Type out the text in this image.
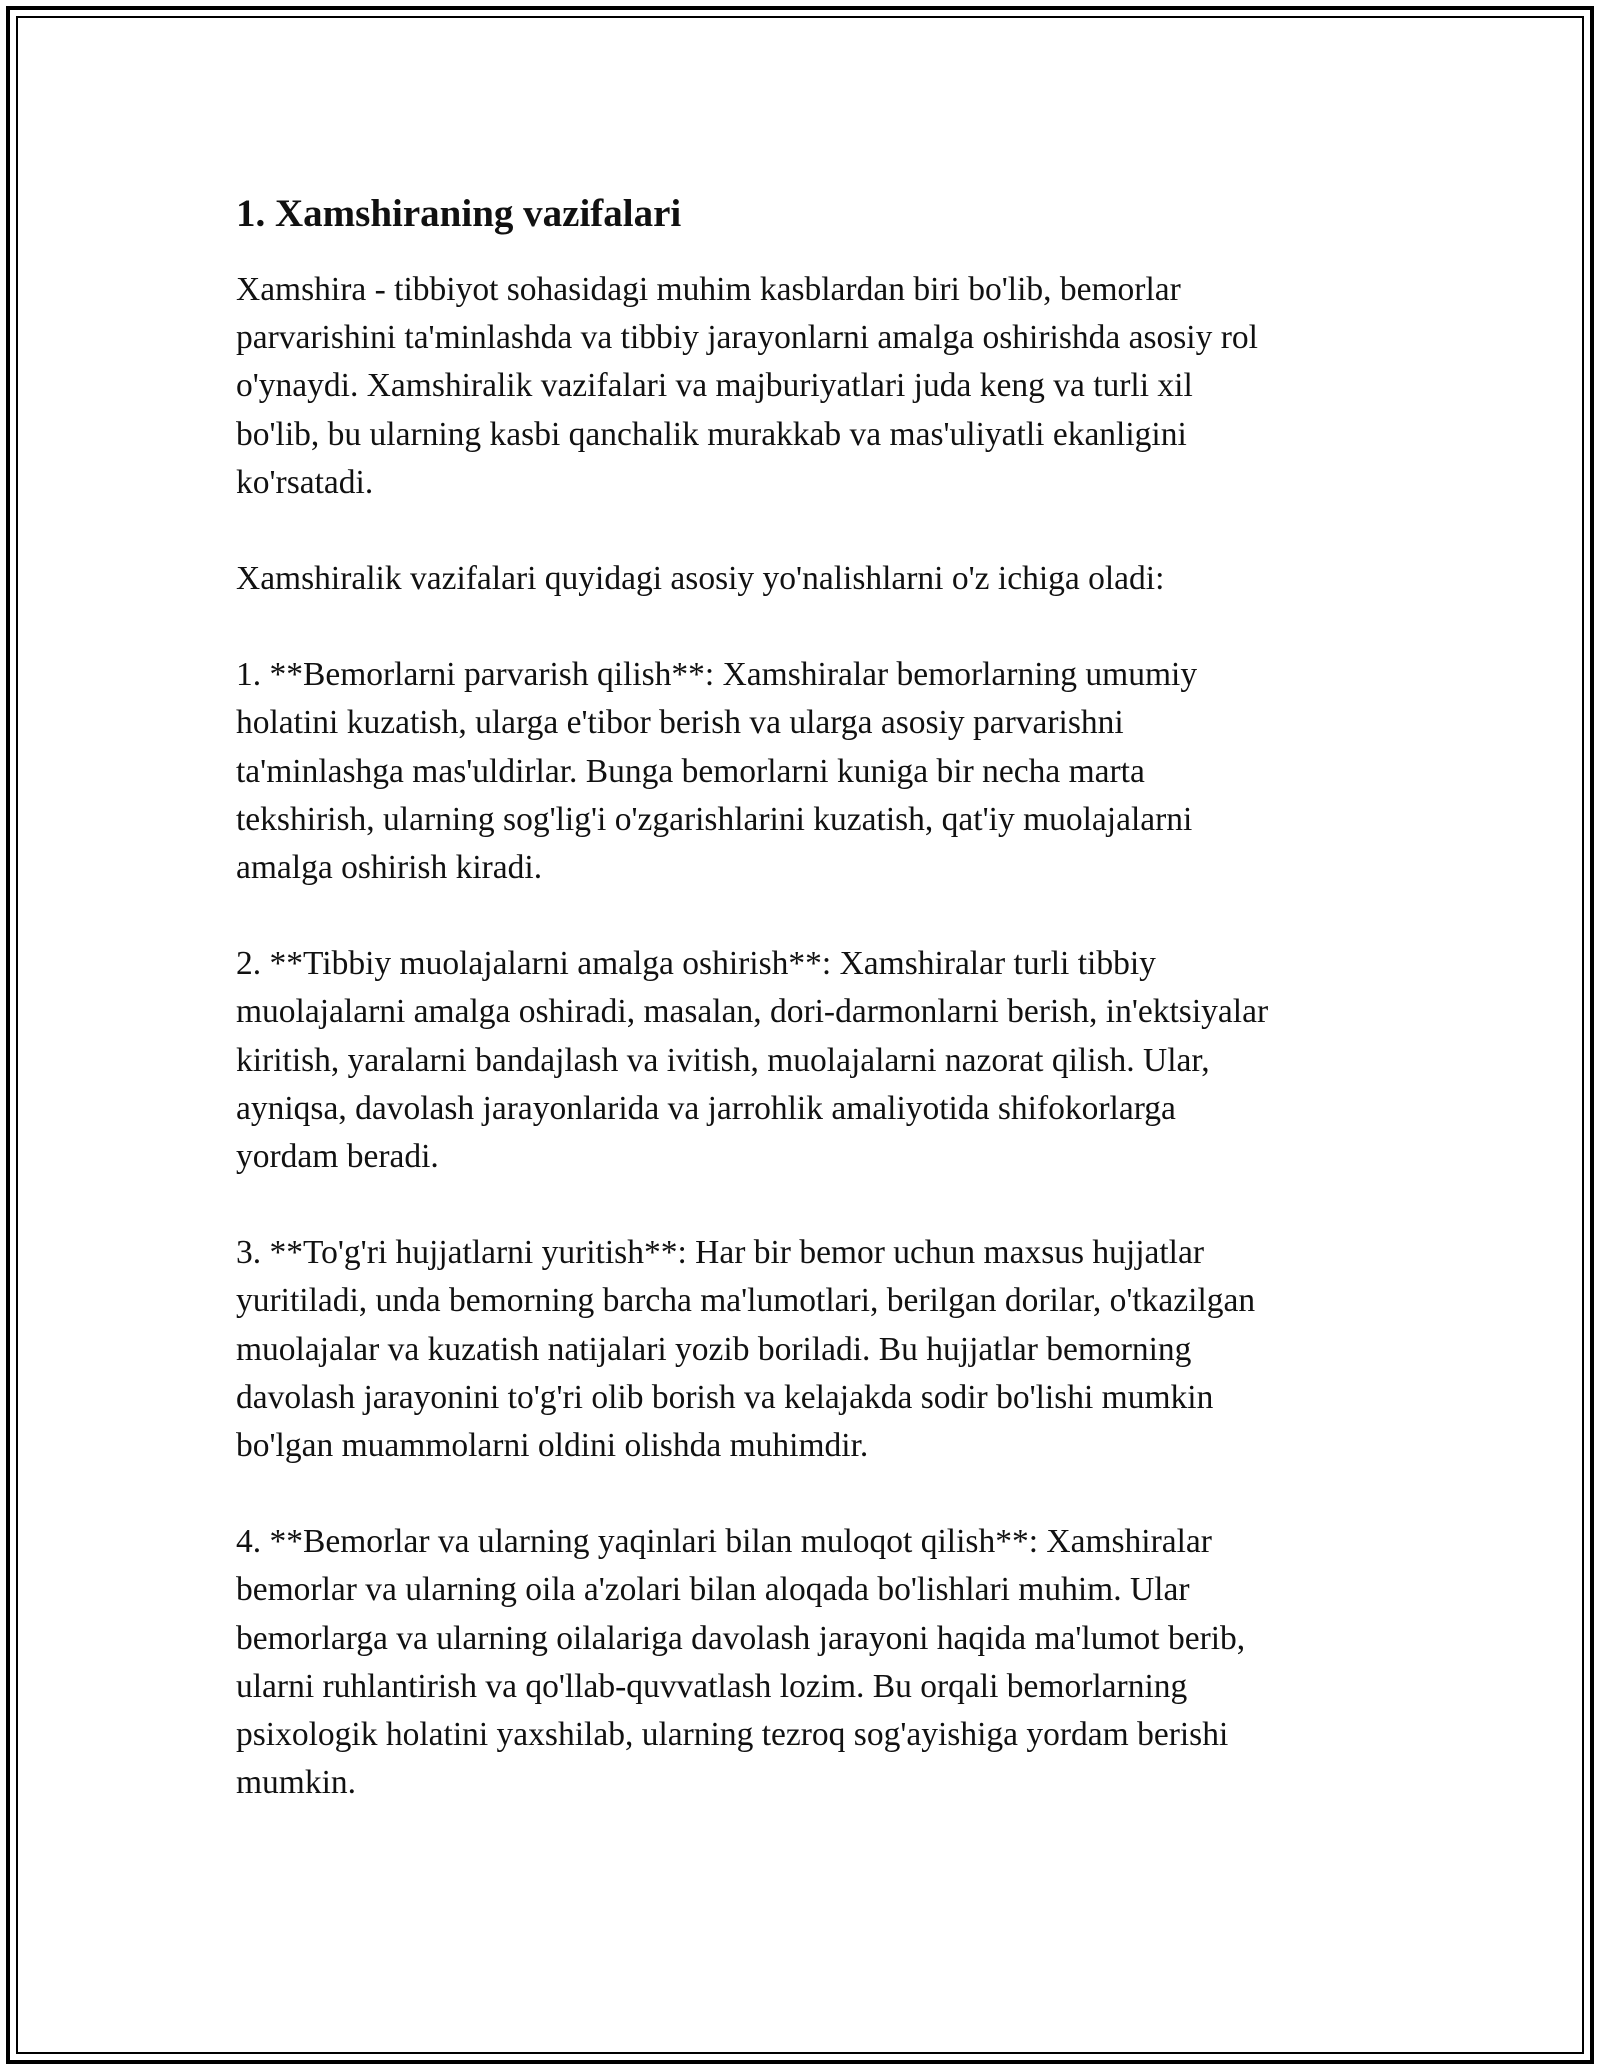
1. Xamshiraning vazifalari

Xamshira - tibbiyot sohasidagi muhim kasblardan biri bo'lib, bemorlar
parvarishini ta'minlashda va tibbiy jarayonlarni amalga oshirishda asosiy rol
o'ynaydi. Xamshiralik vazifalari va majburiyatlari juda keng va turli xil
bo'lib, bu ularning kasbi qanchalik murakkab va mas'uliyatli ekanligini
ko'rsatadi.

Xamshiralik vazifalari quyidagi asosiy yo'nalishlarni o'z ichiga oladi:

1. **Bemorlarni parvarish qilish**: Xamshiralar bemorlarning umumiy
holatini kuzatish, ularga e'tibor berish va ularga asosiy parvarishni
ta'minlashga mas'uldirlar. Bunga bemorlarni kuniga bir necha marta
tekshirish, ularning sog'lig'i o'zgarishlarini kuzatish, qat'iy muolajalarni
amalga oshirish kiradi.

2. **Tibbiy muolajalarni amalga oshirish**: Xamshiralar turli tibbiy
muolajalarni amalga oshiradi, masalan, dori-darmonlarni berish, in'ektsiyalar
kiritish, yaralarni bandajlash va ivitish, muolajalarni nazorat qilish. Ular,
ayniqsa, davolash jarayonlarida va jarrohlik amaliyotida shifokorlarga
yordam beradi.

3. **To'g'ri hujjatlarni yuritish**: Har bir bemor uchun maxsus hujjatlar
yuritiladi, unda bemorning barcha ma'lumotlari, berilgan dorilar, o'tkazilgan
muolajalar va kuzatish natijalari yozib boriladi. Bu hujjatlar bemorning
davolash jarayonini to'g'ri olib borish va kelajakda sodir bo'lishi mumkin
bo'lgan muammolarni oldini olishda muhimdir.

4. **Bemorlar va ularning yaqinlari bilan muloqot qilish**: Xamshiralar
bemorlar va ularning oila a'zolari bilan aloqada bo'lishlari muhim. Ular
bemorlarga va ularning oilalariga davolash jarayoni haqida ma'lumot berib,
ularni ruhlantirish va qo'llab-quvvatlash lozim. Bu orqali bemorlarning
psixologik holatini yaxshilab, ularning tezroq sog'ayishiga yordam berishi
mumkin.
